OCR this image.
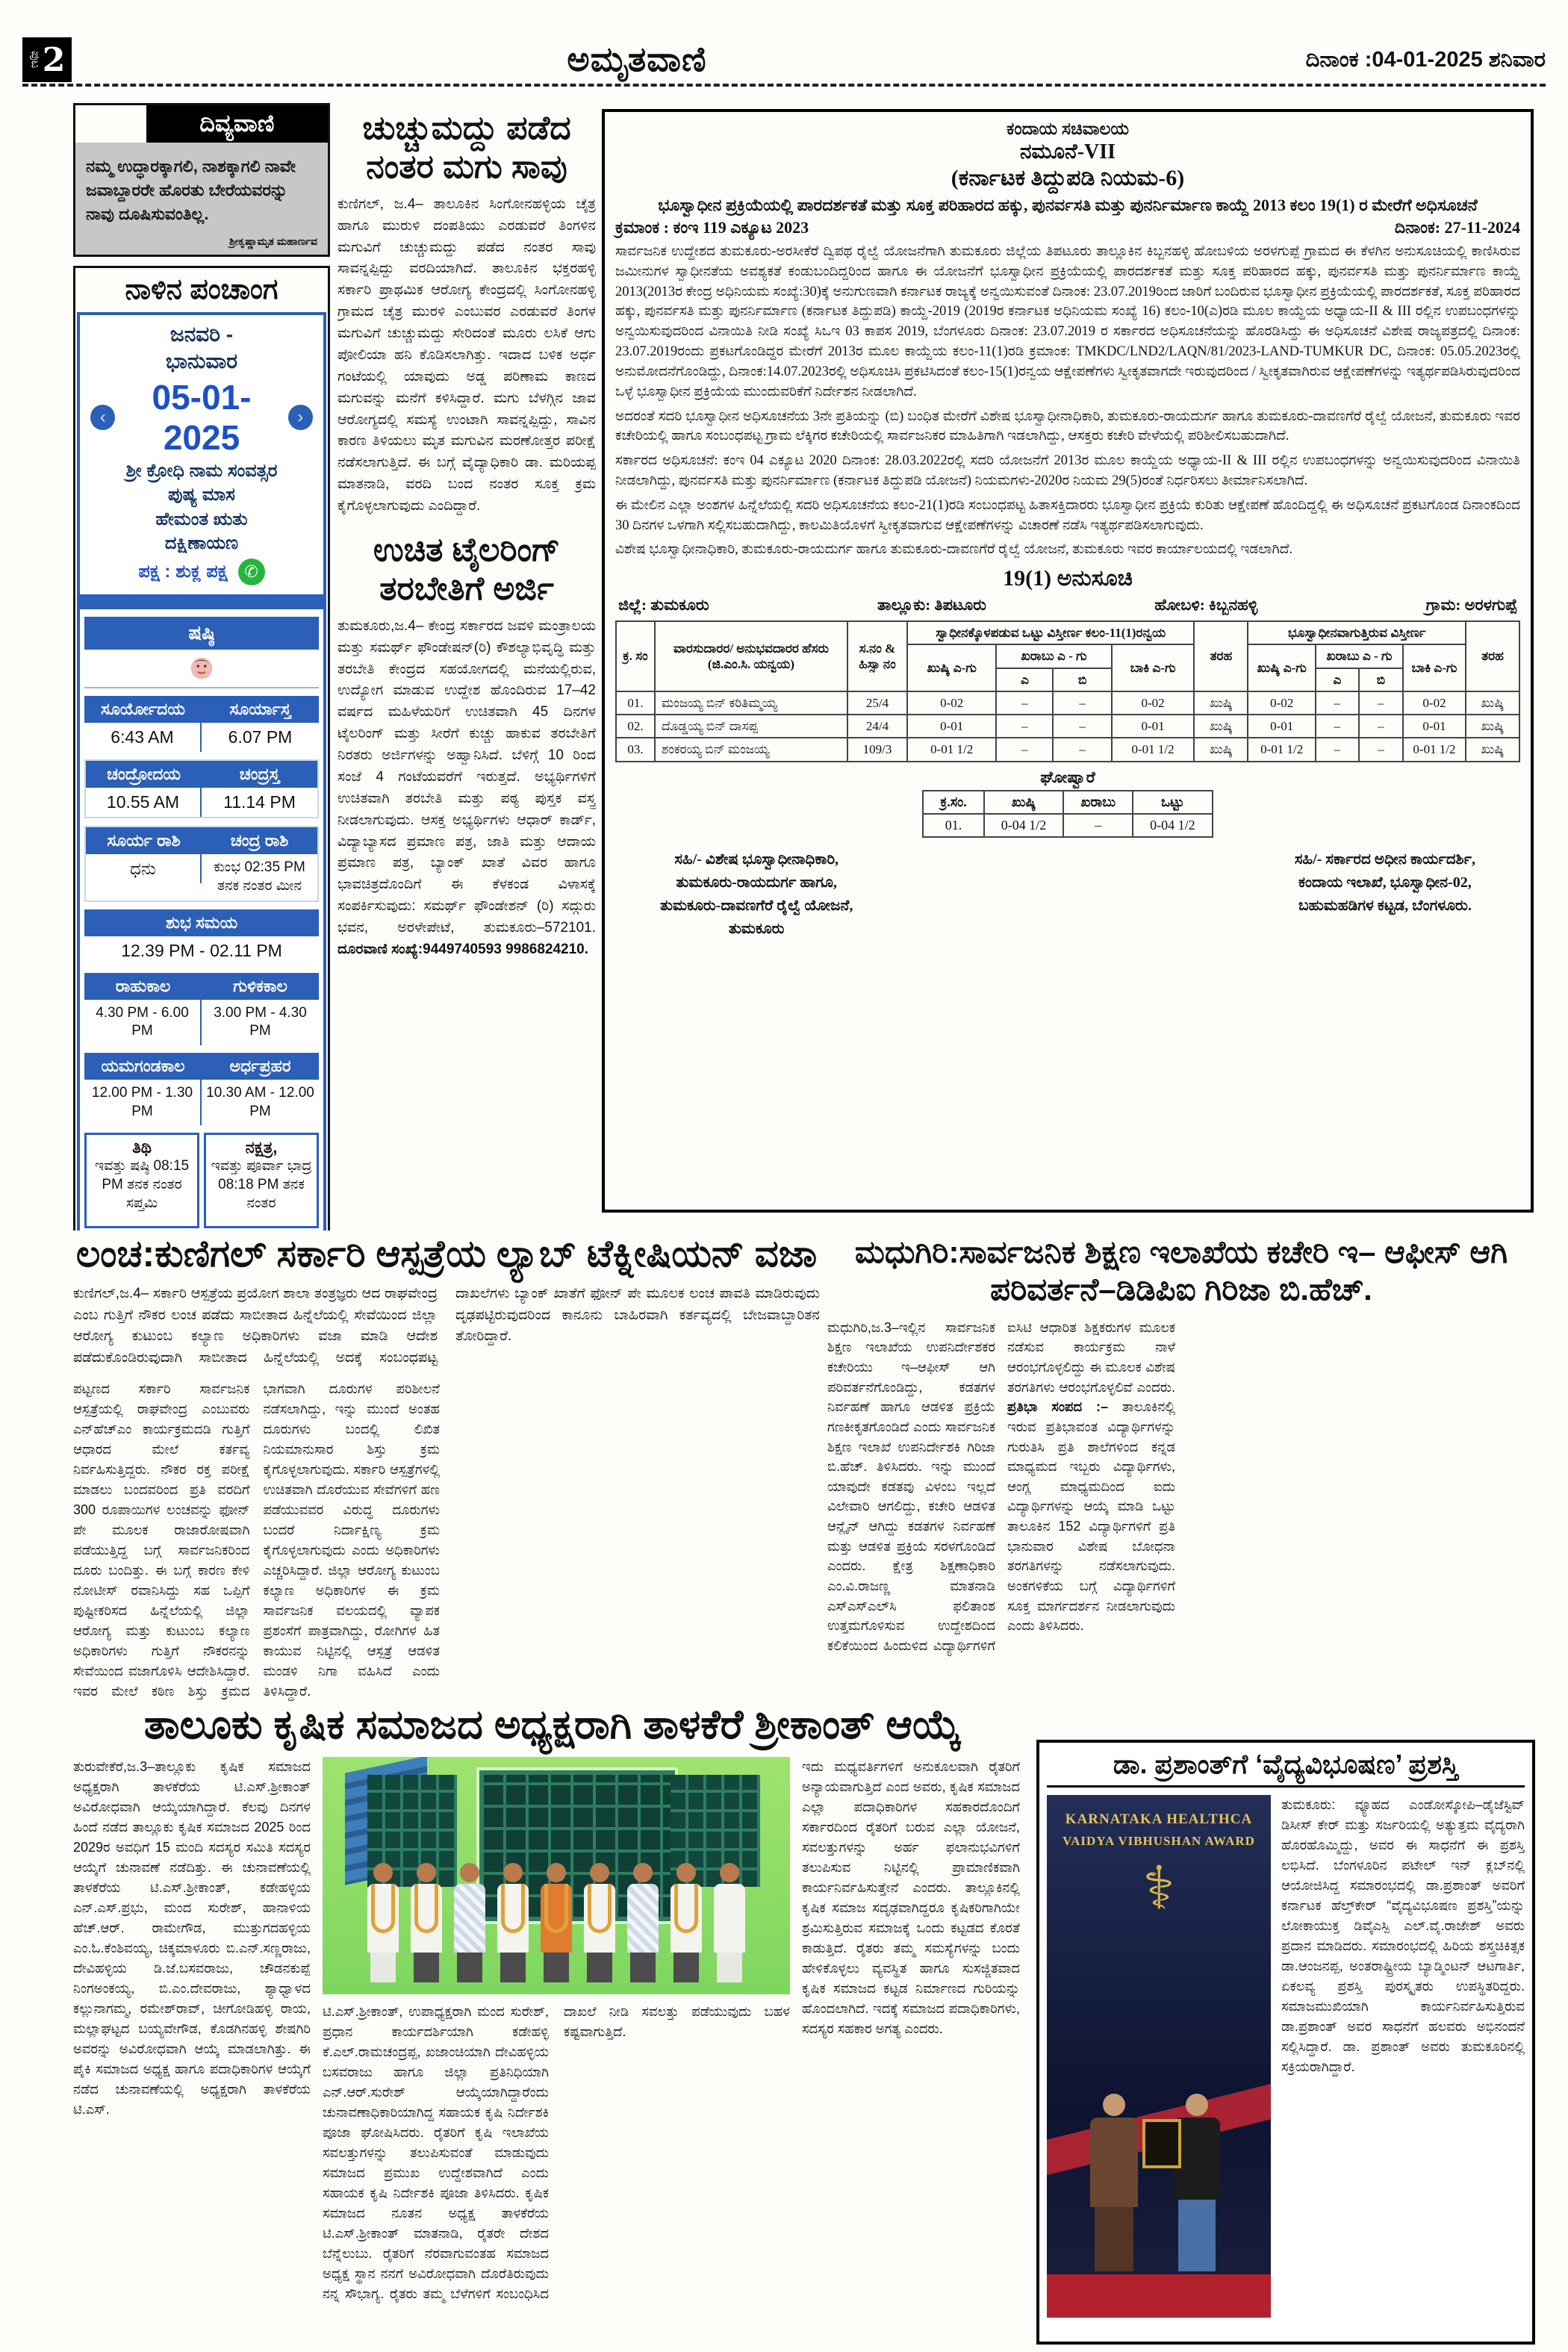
ಪುಟ 2	ಅಮೃತವಾಣಿ	ದಿನಾಂಕ :04-01-2025 ಶನಿವಾರ
ದಿವ್ಯವಾಣಿ
ನಮ್ಮ ಉದ್ಧಾರಕ್ಕಾಗಲಿ, ನಾಶಕ್ಕಾಗಲಿ ನಾವೇ ಜವಾಬ್ದಾರರೇ ಹೊರತು ಬೇರೆಯವರನ್ನು ನಾವು ದೂಷಿಸುವಂತಿಲ್ಲ.
ಶ್ರೀಕೃಷ್ಣಾಮೃತ ಮಹಾರ್ಣವ
ನಾಳಿನ ಪಂಚಾಂಗ
ಜನವರಿ -
ಭಾನುವಾರ
‹
05-01-2025
›
ಶ್ರೀ ಕ್ರೋಧಿ ನಾಮ ಸಂವತ್ಸರ
ಪುಷ್ಯ ಮಾಸ
ಹೇಮಂತ ಋತು
ದಕ್ಷಿಣಾಯಣ
ಪಕ್ಷ : ಶುಕ್ಲ ಪಕ್ಷ	✆
ಷಷ್ಠಿ
ಸೂರ್ಯೋದಯ
6:43 AM
ಸೂರ್ಯಾಸ್ತ
6.07 PM
ಚಂದ್ರೋದಯ
10.55 AM
ಚಂದ್ರಸ್ತ
11.14 PM
ಸೂರ್ಯ ರಾಶಿ
ಧನು
ಚಂದ್ರ ರಾಶಿ
ಕುಂಭ 02:35 PM ತನಕ ನಂತರ ಮೀನ
ಶುಭ ಸಮಯ
12.39 PM - 02.11 PM
ರಾಹುಕಾಲ
4.30 PM - 6.00 PM
ಗುಳಿಕಕಾಲ
3.00 PM - 4.30 PM
ಯಮಗಂಡಕಾಲ
12.00 PM - 1.30 PM
ಅರ್ಧಪ್ರಹರ
10.30 AM - 12.00 PM
ತಿಥಿ
ಇವತ್ತು ಷಷ್ಠಿ 08:15 PM ತನಕ ನಂತರ ಸಪ್ತಮಿ
ನಕ್ಷತ್ರ,
ಇವತ್ತು ಪೂರ್ವಾ ಭಾದ್ರ 08:18 PM ತನಕ ನಂತರ

ಚುಚ್ಚುಮದ್ದು ಪಡೆದ ನಂತರ ಮಗು ಸಾವು
ಕುಣಿಗಲ್, ಜ.4– ತಾಲೂಕಿನ ಸಿಂಗೋನಹಳ್ಳಿಯ ಚೈತ್ರ ಹಾಗೂ ಮುರುಳಿ ದಂಪತಿಯು ಎರಡುವರೆ ತಿಂಗಳಿನ ಮಗುವಿಗೆ ಚುಚ್ಚುಮದ್ದು ಪಡೆದ ನಂತರ ಸಾವು ಸಾವನ್ನಪ್ಪಿದ್ದು ವರದಿಯಾಗಿದೆ. ತಾಲೂಕಿನ ಭಕ್ತರಹಳ್ಳಿ ಸರ್ಕಾರಿ ಪ್ರಾಥಮಿಕ ಆರೋಗ್ಯ ಕೇಂದ್ರದಲ್ಲಿ ಸಿಂಗೋನಹಳ್ಳಿ ಗ್ರಾಮದ ಚೈತ್ರ ಮುರಳಿ ಎಂಬುವರ ಎರಡುವರೆ ತಿಂಗಳ ಮಗುವಿಗೆ ಚುಚ್ಚುಮದ್ದು ಸೇರಿದಂತೆ ಮೂರು ಲಸಿಕೆ ಆಗು ಪೋಲಿಯಾ ಹನಿ ಕೊಡಿಸಲಾಗಿತ್ತು. ಇದಾದ ಬಳಿಕ ಅರ್ಧ ಗಂಟೆಯಲ್ಲಿ ಯಾವುದು ಅಡ್ಡ ಪರಿಣಾಮ ಕಾಣದ ಮಗುವನ್ನು ಮನೆಗೆ ಕಳಿಸಿದ್ದಾರೆ. ಮಗು ಬೆಳಗ್ಗಿನ ಜಾವ ಆರೋಗ್ಯದಲ್ಲಿ ಸಮಸ್ಯೆ ಉಂಟಾಗಿ ಸಾವನ್ನಪ್ಪಿದ್ದು, ಸಾವಿನ ಕಾರಣ ತಿಳಿಯಲು ಮೃತ ಮಗುವಿನ ಮರಣೋತ್ತರ ಪರೀಕ್ಷೆ ನಡೆಸಲಾಗುತ್ತಿದೆ. ಈ ಬಗ್ಗೆ ವೈದ್ಯಾಧಿಕಾರಿ ಡಾ. ಮರಿಯಪ್ಪ ಮಾತನಾಡಿ, ವರದಿ ಬಂದ ನಂತರ ಸೂಕ್ತ ಕ್ರಮ ಕೈಗೊಳ್ಳಲಾಗುವುದು ಎಂದಿದ್ದಾರೆ.
ಉಚಿತ ಟೈಲರಿಂಗ್ ತರಬೇತಿಗೆ ಅರ್ಜಿ
ತುಮಕೂರು,ಜ.4– ಕೇಂದ್ರ ಸರ್ಕಾರದ ಜವಳಿ ಮಂತ್ರಾಲಯ ಮತ್ತು ಸಮರ್ಥ್ ಫೌಂಡೇಷನ್(ರಿ) ಕೌಶಲ್ಯಾಭಿವೃದ್ಧಿ ಮತ್ತು ತರಬೇತಿ ಕೇಂದ್ರದ ಸಹಯೋಗದಲ್ಲಿ ಮನೆಯಲ್ಲಿರುವ, ಉದ್ಯೋಗ ಮಾಡುವ ಉದ್ದೇಶ ಹೊಂದಿರುವ 17–42 ವರ್ಷದ ಮಹಿಳೆಯರಿಗೆ ಉಚಿತವಾಗಿ 45 ದಿನಗಳ ಟೈಲರಿಂಗ್ ಮತ್ತು ಸೀರೆಗೆ ಕುಚ್ಚು ಹಾಕುವ ತರಬೇತಿಗೆ ನಿರತರು ಅರ್ಜಿಗಳನ್ನು ಅಹ್ವಾನಿಸಿದೆ. ಬೆಳಿಗ್ಗೆ 10 ರಿಂದ ಸಂಜೆ 4 ಗಂಟೆಯವರೆಗೆ ಇರುತ್ತದೆ. ಅಭ್ಯರ್ಥಿಗಳಿಗೆ ಉಚಿತವಾಗಿ ತರಬೇತಿ ಮತ್ತು ಪಠ್ಯ ಪುಸ್ತಕ ವಸ್ತ್ರ ನೀಡಲಾಗುವುದು. ಆಸಕ್ತ ಅಭ್ಯರ್ಥಿಗಳು ಆಧಾರ್ ಕಾರ್ಡ್, ವಿದ್ಯಾಬ್ಯಾಸದ ಪ್ರಮಾಣ ಪತ್ರ, ಜಾತಿ ಮತ್ತು ಆದಾಯ ಪ್ರಮಾಣ ಪತ್ರ, ಬ್ಯಾಂಕ್ ಖಾತೆ ವಿವರ ಹಾಗೂ ಭಾವಚಿತ್ರದೊಂದಿಗೆ ಈ ಕೆಳಕಂಡ ವಿಳಾಸಕ್ಕೆ ಸಂಪರ್ಕಿಸುವುದು: ಸಮರ್ಥ್ ಫೌಂಡೇಶನ್ (ರಿ) ಸದ್ಗುರು ಭವನ, ಅರಳೇಪೇಟೆ, ತುಮಕೂರು–572101. ದೂರವಾಣಿ ಸಂಖ್ಯೆ:9449740593 9986824210.
ಕಂದಾಯ ಸಚಿವಾಲಯ
ನಮೂನೆ-VII
(ಕರ್ನಾಟಕ ತಿದ್ದುಪಡಿ ನಿಯಮ-6)
ಭೂಸ್ವಾಧೀನ ಪ್ರಕ್ರಿಯೆಯಲ್ಲಿ ಪಾರದರ್ಶಕತೆ ಮತ್ತು ಸೂಕ್ತ ಪರಿಹಾರದ ಹಕ್ಕು, ಪುನರ್ವಸತಿ ಮತ್ತು ಪುನರ್ನಿರ್ಮಾಣ ಕಾಯ್ದೆ 2013 ಕಲಂ 19(1) ರ ಮೇರೆಗೆ ಅಧಿಸೂಚನೆ
ಕ್ರಮಾಂಕ : ಕಂಇ 119 ಎಕ್ಯೂಟ 2023	ದಿನಾಂಕ: 27-11-2024

ಸಾರ್ವಜನಿಕ ಉದ್ದೇಶದ ತುಮಕೂರು-ಅರಸೀಕೆರೆ ದ್ವಿಪಥ ರೈಲ್ವೆ ಯೋಜನೆಗಾಗಿ ತುಮಕೂರು ಜಿಲ್ಲೆಯ ತಿಪಟೂರು ತಾಲ್ಲೂಕಿನ ಕಿಬ್ಬನಹಳ್ಳಿ ಹೋಬಳಿಯ ಅರಳಗುಪ್ಪೆ ಗ್ರಾಮದ ಈ ಕೆಳಗಿನ ಅನುಸೂಚಿಯಲ್ಲಿ ಕಾಣಿಸಿರುವ ಜಮೀನುಗಳ ಸ್ವಾಧೀನತೆಯ ಅವಶ್ಯಕತೆ ಕಂಡುಬಂದಿದ್ದರಿಂದ ಹಾಗೂ ಈ ಯೋಜನೆಗೆ ಭೂಸ್ವಾಧೀನ ಪ್ರಕ್ರಿಯೆಯಲ್ಲಿ ಪಾರದರ್ಶಕತೆ ಮತ್ತು ಸೂಕ್ತ ಪರಿಹಾರದ ಹಕ್ಕು, ಪುನರ್ವಸತಿ ಮತ್ತು ಪುನರ್ನಿರ್ಮಾಣ ಕಾಯ್ದೆ 2013(2013ರ ಕೇಂದ್ರ ಅಧಿನಿಯಮ ಸಂಖ್ಯೆ:30)ಕ್ಕೆ ಅನುಗುಣವಾಗಿ ಕರ್ನಾಟಕ ರಾಜ್ಯಕ್ಕೆ ಅನ್ವಯಿಸುವಂತೆ ದಿನಾಂಕ: 23.07.2019ರಿಂದ ಜಾರಿಗೆ ಬಂದಿರುವ ಭೂಸ್ವಾಧೀನ ಪ್ರಕ್ರಿಯೆಯಲ್ಲಿ ಪಾರದರ್ಶಕತೆ, ಸೂಕ್ತ ಪರಿಹಾರದ ಹಕ್ಕು, ಪುನರ್ವಸತಿ ಮತ್ತು ಪುನರ್ನಿರ್ಮಾಣ (ಕರ್ನಾಟಕ ತಿದ್ದುಪಡಿ) ಕಾಯ್ದೆ-2019 (2019ರ ಕರ್ನಾಟಕ ಅಧಿನಿಯಮ ಸಂಖ್ಯೆ 16) ಕಲಂ-10(ಎ)ರಡಿ ಮೂಲ ಕಾಯ್ದೆಯ ಅಧ್ಯಾಯ-II & III ರಲ್ಲಿನ ಉಪಬಂಧಗಳನ್ನು ಅನ್ವಯಿಸುವುದರಿಂದ ವಿನಾಯಿತಿ ನೀಡಿ ಸಂಖ್ಯೆ ಸಿಒಇ 03 ಕಾಪಸ 2019, ಬೆಂಗಳೂರು ದಿನಾಂಕ: 23.07.2019 ರ ಸರ್ಕಾರದ ಅಧಿಸೂಚನೆಯನ್ನು ಹೊರಡಿಸಿದ್ದು ಈ ಅಧಿಸೂಚನೆ ವಿಶೇಷ ರಾಜ್ಯಪತ್ರದಲ್ಲಿ ದಿನಾಂಕ: 23.07.2019ರಂದು ಪ್ರಕಟಗೊಂಡಿದ್ದರ ಮೇರೆಗೆ 2013ರ ಮೂಲ ಕಾಯ್ದೆಯ ಕಲಂ-11(1)ರಡಿ ಕ್ರಮಾಂಕ: TMKDC/LND2/LAQN/81/2023-LAND-TUMKUR DC, ದಿನಾಂಕ: 05.05.2023ರಲ್ಲಿ ಅನುಮೋದನೆಗೊಂಡಿದ್ದು, ದಿನಾಂಕ:14.07.2023ರಲ್ಲಿ ಅಧಿಸೂಚಿಸಿ ಪ್ರಕಟಿಸಿದಂತೆ ಕಲಂ-15(1)ರನ್ವಯ ಆಕ್ಷೇಪಣೆಗಳು ಸ್ವೀಕೃತವಾಗದೇ ಇರುವುದರಿಂದ / ಸ್ವೀಕೃತವಾಗಿರುವ ಆಕ್ಷೇಪಣೆಗಳನ್ನು ಇತ್ಯರ್ಥಪಡಿಸಿರುವುದರಿಂದ ಒಳ್ಳೆ ಭೂಸ್ವಾಧೀನ ಪ್ರಕ್ರಿಯೆಯ ಮುಂದುವರಿಕೆಗೆ ನಿರ್ದೇಶನ ನೀಡಲಾಗಿದೆ.

ಅದರಂತೆ ಸದರಿ ಭೂಸ್ವಾಧೀನ ಅಧಿಸೂಚನೆಯ 3ನೇ ಪ್ರತಿಯನ್ನು (ಬಿ) ಬಂಧಿತ ಮೇರೆಗೆ ವಿಶೇಷ ಭೂಸ್ವಾಧೀನಾಧಿಕಾರಿ, ತುಮಕೂರು-ರಾಯದುರ್ಗ ಹಾಗೂ ತುಮಕೂರು-ದಾವಣಗೆರೆ ರೈಲ್ವೆ ಯೋಜನೆ, ತುಮಕೂರು ಇವರ ಕಚೇರಿಯಲ್ಲಿ ಹಾಗೂ ಸಂಬಂಧಪಟ್ಟ ಗ್ರಾಮ ಲೆಕ್ಕಿಗರ ಕಚೇರಿಯಲ್ಲಿ ಸಾರ್ವಜನಿಕರ ಮಾಹಿತಿಗಾಗಿ ಇಡಲಾಗಿದ್ದು, ಆಸಕ್ತರು ಕಚೇರಿ ವೇಳೆಯಲ್ಲಿ ಪರಿಶೀಲಿಸಬಹುದಾಗಿದೆ.

ಸರ್ಕಾರದ ಅಧಿಸೂಚನೆ: ಕಂಇ 04 ಎಕ್ಯೂಟ 2020 ದಿನಾಂಕ: 28.03.2022ರಲ್ಲಿ ಸದರಿ ಯೋಜನೆಗೆ 2013ರ ಮೂಲ ಕಾಯ್ದೆಯ ಅಧ್ಯಾಯ-II & III ರಲ್ಲಿನ ಉಪಬಂಧಗಳನ್ನು ಅನ್ವಯಿಸುವುದರಿಂದ ವಿನಾಯಿತಿ ನೀಡಲಾಗಿದ್ದು, ಪುನರ್ವಸತಿ ಮತ್ತು ಪುನರ್ನಿರ್ಮಾಣ (ಕರ್ನಾಟಕ ತಿದ್ದುಪಡಿ ಯೋಜನೆ) ನಿಯಮಗಳು-2020ರ ನಿಯಮ 29(5)ರಂತೆ ನಿರ್ಧರಿಸಲು ತೀರ್ಮಾನಿಸಲಾಗಿದೆ.

ಈ ಮೇಲಿನ ಎಲ್ಲಾ ಅಂಶಗಳ ಹಿನ್ನೆಲೆಯಲ್ಲಿ ಸದರಿ ಅಧಿಸೂಚನೆಯ ಕಲಂ-21(1)ರಡಿ ಸಂಬಂಧಪಟ್ಟ ಹಿತಾಸಕ್ತಿದಾರರು ಭೂಸ್ವಾಧೀನ ಪ್ರಕ್ರಿಯೆ ಕುರಿತು ಆಕ್ಷೇಪಣೆ ಹೊಂದಿದ್ದಲ್ಲಿ ಈ ಅಧಿಸೂಚನೆ ಪ್ರಕಟಗೊಂಡ ದಿನಾಂಕದಿಂದ 30 ದಿನಗಳ ಒಳಗಾಗಿ ಸಲ್ಲಿಸಬಹುದಾಗಿದ್ದು, ಕಾಲಮಿತಿಯೊಳಗೆ ಸ್ವೀಕೃತವಾಗುವ ಆಕ್ಷೇಪಣೆಗಳನ್ನು ವಿಚಾರಣೆ ನಡೆಸಿ ಇತ್ಯರ್ಥಪಡಿಸಲಾಗುವುದು.

ವಿಶೇಷ ಭೂಸ್ವಾಧೀನಾಧಿಕಾರಿ, ತುಮಕೂರು-ರಾಯದುರ್ಗ ಹಾಗೂ ತುಮಕೂರು-ದಾವಣಗೆರೆ ರೈಲ್ವೆ ಯೋಜನೆ, ತುಮಕೂರು ಇವರ ಕಾರ್ಯಾಲಯದಲ್ಲಿ ಇಡಲಾಗಿದೆ.

19(1) ಅನುಸೂಚಿ
ಜಿಲ್ಲೆ: ತುಮಕೂರು	ತಾಲ್ಲೂಕು: ತಿಪಟೂರು	ಹೋಬಳಿ: ಕಿಬ್ಬನಹಳ್ಳಿ	ಗ್ರಾಮ: ಅರಳಗುಪ್ಪೆ
ಕ್ರ. ಸಂ	ವಾರಸುದಾರರ/ ಅನುಭವದಾರರ ಹೆಸರು (ಜಿ.ಎಂ.ಸಿ. ಯನ್ವಯ)	ಸ.ನಂ & ಹಿಸ್ಸಾ ನಂ	ಸ್ವಾಧೀನಕ್ಕೊಳಪಡುವ ಒಟ್ಟು ವಿಸ್ತೀರ್ಣ ಕಲಂ-11(1)ರನ್ವಯ				ತರಹ	ಭೂಸ್ವಾಧೀನವಾಗುತ್ತಿರುವ ವಿಸ್ತೀರ್ಣ				ತರಹ
			ಖುಷ್ಕಿ ಎ-ಗು	ಖರಾಬು ಎ - ಗು		ಬಾಕಿ ಎ-ಗು		ಖುಷ್ಕಿ ಎ-ಗು	ಖರಾಬು ಎ - ಗು		ಬಾಕಿ ಎ-ಗು	
				ಎ	ಬಿ				ಎ	ಬಿ		
01.	ಮಂಜಯ್ಯ ಬಿನ್ ಕರಿತಿಮ್ಮಯ್ಯ	25/4	0-02	–	–	0-02	ಖುಷ್ಕಿ	0-02	–	–	0-02	ಖುಷ್ಕಿ
02.	ದೊಡ್ಡಯ್ಯ ಬಿನ್ ದಾಸಪ್ಪ	24/4	0-01	–	–	0-01	ಖುಷ್ಕಿ	0-01	–	–	0-01	ಖುಷ್ಕಿ
03.	ಶಂಕರಯ್ಯ ಬಿನ್ ಮಂಜಯ್ಯ	109/3	0-01 1/2	–	–	0-01 1/2	ಖುಷ್ಕಿ	0-01 1/2	–	–	0-01 1/2	ಖುಷ್ಕಿ
ಘೋಷ್ವಾರೆ
ಕ್ರ.ಸಂ.	ಖುಷ್ಕಿ	ಖರಾಬು	ಒಟ್ಟು
01.	0-04 1/2	–	0-04 1/2
ಸಹಿ/- ವಿಶೇಷ ಭೂಸ್ವಾಧೀನಾಧಿಕಾರಿ,
ತುಮಕೂರು-ರಾಯದುರ್ಗ ಹಾಗೂ,
ತುಮಕೂರು-ದಾವಣಗೆರೆ ರೈಲ್ವೆ ಯೋಜನೆ,
ತುಮಕೂರು
ಸಹಿ/- ಸರ್ಕಾರದ ಅಧೀನ ಕಾರ್ಯದರ್ಶಿ,
ಕಂದಾಯ ಇಲಾಖೆ, ಭೂಸ್ವಾಧೀನ-02,
ಬಹುಮಹಡಿಗಳ ಕಟ್ಟಡ, ಬೆಂಗಳೂರು.
ಲಂಚ:ಕುಣಿಗಲ್ ಸರ್ಕಾರಿ ಆಸ್ಪತ್ರೆಯ ಲ್ಯಾಬ್ ಟೆಕ್ನೀಷಿಯನ್ ವಜಾ
ಕುಣಿಗಲ್,ಜ.4– ಸರ್ಕಾರಿ ಆಸ್ಪತ್ರೆಯ ಪ್ರಯೋಗ ಶಾಲಾ ತಂತ್ರಜ್ಞರು ಆದ ರಾಘವೇಂದ್ರ ಎಂಬ ಗುತ್ತಿಗೆ ನೌಕರ ಲಂಚ ಪಡೆದು ಸಾಬೀತಾದ ಹಿನ್ನೆಲೆಯಲ್ಲಿ ಸೇವೆಯಿಂದ ಜಿಲ್ಲಾ ಆರೋಗ್ಯ ಕುಟುಂಬ ಕಲ್ಯಾಣ ಅಧಿಕಾರಿಗಳು ವಜಾ ಮಾಡಿ ಆದೇಶ ಪಡೆದುಕೊಂಡಿರುವುದಾಗಿ ಸಾಬೀತಾದ ಹಿನ್ನೆಲೆಯಲ್ಲಿ ಅದಕ್ಕೆ ಸಂಬಂಧಪಟ್ಟ ದಾಖಲೆಗಳು ಬ್ಯಾಂಕ್ ಖಾತೆಗೆ ಫೋನ್ ಪೇ ಮೂಲಕ ಲಂಚ ಪಾವತಿ ಮಾಡಿರುವುದು ದೃಢಪಟ್ಟಿರುವುದರಿಂದ ಕಾನೂನು ಬಾಹಿರವಾಗಿ ಕರ್ತವ್ಯದಲ್ಲಿ ಬೇಜವಾಬ್ದಾರಿತನ ತೋರಿದ್ದಾರೆ.
ಪಟ್ಟಣದ ಸರ್ಕಾರಿ ಸಾರ್ವಜನಿಕ ಆಸ್ಪತ್ರೆಯಲ್ಲಿ ರಾಘವೇಂದ್ರ ಎಂಬುವರು ಎನ್‌ಹೆಚ್‌ಎಂ ಕಾರ್ಯಕ್ರಮದಡಿ ಗುತ್ತಿಗೆ ಆಧಾರದ ಮೇಲೆ ಕರ್ತವ್ಯ ನಿರ್ವಹಿಸುತ್ತಿದ್ದರು. ನೌಕರ ರಕ್ತ ಪರೀಕ್ಷೆ ಮಾಡಲು ಬಂದವರಿಂದ ಪ್ರತಿ ವರದಿಗೆ 300 ರೂಪಾಯಿಗಳ ಲಂಚವನ್ನು ಫೋನ್ ಪೇ ಮೂಲಕ ರಾಜಾರೋಷವಾಗಿ ಪಡೆಯುತ್ತಿದ್ದ ಬಗ್ಗೆ ಸಾರ್ವಜನಿಕರಿಂದ ದೂರು ಬಂದಿತ್ತು. ಈ ಬಗ್ಗೆ ಕಾರಣ ಕೇಳಿ ನೋಟೀಸ್ ರವಾನಿಸಿದ್ದು ಸಹ ಒಪ್ಪಿಗೆ ಪುಷ್ಟೀಕರಿಸದ ಹಿನ್ನೆಲೆಯಲ್ಲಿ ಜಿಲ್ಲಾ ಆರೋಗ್ಯ ಮತ್ತು ಕುಟುಂಬ ಕಲ್ಯಾಣ ಅಧಿಕಾರಿಗಳು ಗುತ್ತಿಗೆ ನೌಕರನನ್ನು ಸೇವೆಯಿಂದ ವಜಾಗೊಳಿಸಿ ಆದೇಶಿಸಿದ್ದಾರೆ. ಇವರ ಮೇಲೆ ಕಠಿಣ ಶಿಸ್ತು ಕ್ರಮದ ಭಾಗವಾಗಿ ದೂರುಗಳ ಪರಿಶೀಲನೆ ನಡೆಸಲಾಗಿದ್ದು, ಇನ್ನು ಮುಂದೆ ಅಂತಹ ದೂರುಗಳು ಬಂದಲ್ಲಿ ಲಿಖಿತ ನಿಯಮಾನುಸಾರ ಶಿಸ್ತು ಕ್ರಮ ಕೈಗೊಳ್ಳಲಾಗುವುದು. ಸರ್ಕಾರಿ ಆಸ್ಪತ್ರೆಗಳಲ್ಲಿ ಉಚಿತವಾಗಿ ದೊರೆಯುವ ಸೇವೆಗಳಿಗೆ ಹಣ ಪಡೆಯುವವರ ವಿರುದ್ಧ ದೂರುಗಳು ಬಂದರೆ ನಿರ್ದಾಕ್ಷಿಣ್ಯ ಕ್ರಮ ಕೈಗೊಳ್ಳಲಾಗುವುದು ಎಂದು ಅಧಿಕಾರಿಗಳು ಎಚ್ಚರಿಸಿದ್ದಾರೆ. ಜಿಲ್ಲಾ ಆರೋಗ್ಯ ಕುಟುಂಬ ಕಲ್ಯಾಣ ಅಧಿಕಾರಿಗಳ ಈ ಕ್ರಮ ಸಾರ್ವಜನಿಕ ವಲಯದಲ್ಲಿ ವ್ಯಾಪಕ ಪ್ರಶಂಸೆಗೆ ಪಾತ್ರವಾಗಿದ್ದು, ರೋಗಿಗಳ ಹಿತ ಕಾಯುವ ನಿಟ್ಟಿನಲ್ಲಿ ಆಸ್ಪತ್ರೆ ಆಡಳಿತ ಮಂಡಳಿ ನಿಗಾ ವಹಿಸಿದೆ ಎಂದು ತಿಳಿಸಿದ್ದಾರೆ.
ಮಧುಗಿರಿ:ಸಾರ್ವಜನಿಕ ಶಿಕ್ಷಣ ಇಲಾಖೆಯ ಕಚೇರಿ ಇ– ಆಫೀಸ್ ಆಗಿ ಪರಿವರ್ತನೆ–ಡಿಡಿಪಿಐ ಗಿರಿಜಾ ಬಿ.ಹೆಚ್.
ಮಧುಗಿರಿ,ಜ.3–ಇಲ್ಲಿನ ಸಾರ್ವಜನಿಕ ಶಿಕ್ಷಣ ಇಲಾಖೆಯ ಉಪನಿರ್ದೇಶಕರ ಕಚೇರಿಯು ಇ–ಆಫೀಸ್ ಆಗಿ ಪರಿವರ್ತನೆಗೊಂಡಿದ್ದು, ಕಡತಗಳ ನಿರ್ವಹಣೆ ಹಾಗೂ ಆಡಳಿತ ಪ್ರಕ್ರಿಯೆ ಗಣಕೀಕೃತಗೊಂಡಿದೆ ಎಂದು ಸಾರ್ವಜನಿಕ ಶಿಕ್ಷಣ ಇಲಾಖೆ ಉಪನಿರ್ದೇಶಕಿ ಗಿರಿಜಾ ಬಿ.ಹೆಚ್. ತಿಳಿಸಿದರು. ಇನ್ನು ಮುಂದೆ ಯಾವುದೇ ಕಡತವು ವಿಳಂಬ ಇಲ್ಲದೆ ವಿಲೇವಾರಿ ಆಗಲಿದ್ದು, ಕಚೇರಿ ಆಡಳಿತ ಆನ್ಲೈನ್ ಆಗಿದ್ದು ಕಡತಗಳ ನಿರ್ವಹಣೆ ಮತ್ತು ಆಡಳಿತ ಪ್ರಕ್ರಿಯೆ ಸರಳಗೊಂಡಿದೆ ಎಂದರು. ಕ್ಷೇತ್ರ ಶಿಕ್ಷಣಾಧಿಕಾರಿ ಎಂ.ವಿ.ರಾಜಣ್ಣ ಮಾತನಾಡಿ ಎಸ್‌ಎಸ್‌ಎಲ್‌ಸಿ ಫಲಿತಾಂಶ ಉತ್ತಮಗೊಳಿಸುವ ಉದ್ದೇಶದಿಂದ ಕಲಿಕೆಯಿಂದ ಹಿಂದುಳಿದ ವಿದ್ಯಾರ್ಥಿಗಳಿಗೆ ಐಸಿಟಿ ಆಧಾರಿತ ಶಿಕ್ಷಕರುಗಳ ಮೂಲಕ ನಡೆಸುವ ಕಾರ್ಯಕ್ರಮ ನಾಳೆ ಆರಂಭಗೊಳ್ಳಲಿದ್ದು ಈ ಮೂಲಕ ವಿಶೇಷ ತರಗತಿಗಳು ಆರಂಭಗೊಳ್ಳಲಿವೆ ಎಂದರು. ಪ್ರತಿಭಾ ಸಂಪದ :– ತಾಲೂಕಿನಲ್ಲಿ ಇರುವ ಪ್ರತಿಭಾವಂತ ವಿದ್ಯಾರ್ಥಿಗಳನ್ನು ಗುರುತಿಸಿ ಪ್ರತಿ ಶಾಲೆಗಳಿಂದ ಕನ್ನಡ ಮಾಧ್ಯಮದ ಇಬ್ಬರು ವಿದ್ಯಾರ್ಥಿಗಳು, ಆಂಗ್ಲ ಮಾಧ್ಯಮದಿಂದ ಐದು ವಿದ್ಯಾರ್ಥಿಗಳನ್ನು ಆಯ್ಕೆ ಮಾಡಿ ಒಟ್ಟು ತಾಲೂಕಿನ 152 ವಿದ್ಯಾರ್ಥಿಗಳಿಗೆ ಪ್ರತಿ ಭಾನುವಾರ ವಿಶೇಷ ಬೋಧನಾ ತರಗತಿಗಳನ್ನು ನಡೆಸಲಾಗುವುದು. ಅಂಕಗಳಿಕೆಯ ಬಗ್ಗೆ ವಿದ್ಯಾರ್ಥಿಗಳಿಗೆ ಸೂಕ್ತ ಮಾರ್ಗದರ್ಶನ ನೀಡಲಾಗುವುದು ಎಂದು ತಿಳಿಸಿದರು.
ತಾಲೂಕು ಕೃಷಿಕ ಸಮಾಜದ ಅಧ್ಯಕ್ಷರಾಗಿ ತಾಳಕೆರೆ ಶ್ರೀಕಾಂತ್ ಆಯ್ಕೆ
ತುರುವೇಕೆರೆ,ಜ.3–ತಾಲ್ಲೂಕು ಕೃಷಿಕ ಸಮಾಜದ ಅಧ್ಯಕ್ಷರಾಗಿ ತಾಳಕೆರೆಯ ಟಿ.ಎಸ್.ಶ್ರೀಕಾಂತ್ ಅವಿರೋಧವಾಗಿ ಆಯ್ಕೆಯಾಗಿದ್ದಾರೆ. ಕೆಲವು ದಿನಗಳ ಹಿಂದೆ ನಡೆದ ತಾಲ್ಲೂಕು ಕೃಷಿಕ ಸಮಾಜದ 2025 ರಿಂದ 2029ರ ಅವಧಿಗೆ 15 ಮಂದಿ ಸದಸ್ಯರ ಸಮಿತಿ ಸದಸ್ಯರ ಆಯ್ಕೆಗೆ ಚುನಾವಣೆ ನಡೆದಿತ್ತು. ಈ ಚುನಾವಣೆಯಲ್ಲಿ ತಾಳಕೆರೆಯ ಟಿ.ಎಸ್.ಶ್ರೀಕಾಂತ್, ಕಡೇಹಳ್ಳಿಯ ಎನ್.ಎಸ್.ಪ್ರಭು, ಮಂದ ಸುರೇಶ್, ಹಾನಾಳಿಯ ಹೆಚ್.ಆರ್. ರಾಮೇಗೌಡ, ಮುತ್ತುಗದಹಳ್ಳಿಯ ಎಂ.ಓ.ಕೆಂಶಿವಯ್ಯ, ಚಿಕ್ಕಮಾಳೂರು ಬಿ.ಎನ್.ಸಣ್ಣರಾಜು, ದೇವಿಹಳ್ಳಿಯ ಡಿ.ಜೆ.ಬಸವರಾಜು, ಚೌಡನಕುಪ್ಪೆ ನಿಂಗಅಂಕಯ್ಯ, ಬಿ.ಎಂ.ದೇವರಾಜು, ಶ್ಯಾಧ್ವಾಳದ ಕಲ್ಲುನಾಗಮ್ಮ, ರಮೇಶ್‌ರಾವ್, ಚೀಗೋಡಿಹಳ್ಳಿ ರಾಯ, ಮಲ್ಲಾಘಟ್ಟದ ಬಯ್ಯವೇಗೌಡ, ಕೊಡಗಿನಹಳ್ಳಿ ಶೇಷಗಿರಿ ಅವರನ್ನು ಅವಿರೋಧವಾಗಿ ಆಯ್ಕೆ ಮಾಡಲಾಗಿತ್ತು. ಈ ಪೈಕಿ ಸಮಾಜದ ಅಧ್ಯಕ್ಷ ಹಾಗೂ ಪದಾಧಿಕಾರಿಗಳ ಆಯ್ಕೆಗೆ ನಡೆದ ಚುನಾವಣೆಯಲ್ಲಿ ಅಧ್ಯಕ್ಷರಾಗಿ ತಾಳಕೆರೆಯ ಟಿ.ಎಸ್.
ಟಿ.ಎಸ್.ಶ್ರೀಕಾಂತ್, ಉಪಾಧ್ಯಕ್ಷರಾಗಿ ಮಂದ ಸುರೇಶ್, ಪ್ರಧಾನ ಕಾರ್ಯದರ್ಶಿಯಾಗಿ ಕಡೇಹಳ್ಳಿ ಕೆ.ಎಲ್.ರಾಮಚಂದ್ರಪ್ಪ, ಖಜಾಂಚಿಯಾಗಿ ದೇವಿಹಳ್ಳಿಯ ಬಸವರಾಜು ಹಾಗೂ ಜಿಲ್ಲಾ ಪ್ರತಿನಿಧಿಯಾಗಿ ಎನ್.ಆರ್.ಸುರೇಶ್ ಆಯ್ಕೆಯಾಗಿದ್ದಾರೆಂದು ಚುನಾವಣಾಧಿಕಾರಿಯಾಗಿದ್ದ ಸಹಾಯಕ ಕೃಷಿ ನಿರ್ದೇಶಕಿ ಪೂಜಾ ಘೋಷಿಸಿದರು. ರೈತರಿಗೆ ಕೃಷಿ ಇಲಾಖೆಯ ಸವಲತ್ತುಗಳನ್ನು ತಲುಪಿಸುವಂತೆ ಮಾಡುವುದು ಸಮಾಜದ ಪ್ರಮುಖ ಉದ್ದೇಶವಾಗಿದೆ ಎಂದು ಸಹಾಯಕ ಕೃಷಿ ನಿರ್ದೇಶಕಿ ಪೂಜಾ ತಿಳಿಸಿದರು. ಕೃಷಿಕ ಸಮಾಜದ ನೂತನ ಅಧ್ಯಕ್ಷ ತಾಳಕೆರೆಯ ಟಿ.ಎಸ್.ಶ್ರೀಕಾಂತ್ ಮಾತನಾಡಿ, ರೈತರೇ ದೇಶದ ಬೆನ್ನೆಲುಬು. ರೈತರಿಗೆ ನೆರವಾಗುವಂತಹ ಸಮಾಜದ ಅಧ್ಯಕ್ಷ ಸ್ಥಾನ ನನಗೆ ಅವಿರೋಧವಾಗಿ ದೊರೆತಿರುವುದು ನನ್ನ ಸೌಭಾಗ್ಯ. ರೈತರು ತಮ್ಮ ಬೆಳೆಗಳಿಗೆ ಸಂಬಂಧಿಸಿದ ದಾಖಲೆ ನೀಡಿ ಸವಲತ್ತು ಪಡೆಯುವುದು ಬಹಳ ಕಷ್ಟವಾಗುತ್ತಿದೆ.
ಇದು ಮಧ್ಯವರ್ತಿಗಳಿಗೆ ಅನುಕೂಲವಾಗಿ ರೈತರಿಗೆ ಅನ್ಯಾಯವಾಗುತ್ತಿದೆ ಎಂದ ಅವರು, ಕೃಷಿಕ ಸಮಾಜದ ಎಲ್ಲಾ ಪದಾಧಿಕಾರಿಗಳ ಸಹಕಾರದೊಂದಿಗೆ ಸರ್ಕಾರದಿಂದ ರೈತರಿಗೆ ಬರುವ ಎಲ್ಲಾ ಯೋಜನೆ, ಸವಲತ್ತುಗಳನ್ನು ಅರ್ಹ ಫಲಾನುಭವಿಗಳಿಗೆ ತಲುಪಿಸುವ ನಿಟ್ಟಿನಲ್ಲಿ ಪ್ರಾಮಾಣಿಕವಾಗಿ ಕಾರ್ಯನಿರ್ವಹಿಸುತ್ತೇನೆ ಎಂದರು. ತಾಲ್ಲೂಕಿನಲ್ಲಿ ಕೃಷಿಕ ಸಮಾಜ ಸದೃಢವಾಗಿದ್ದರೂ ಕೃಷಿಕರಿಗಾಗಿಯೇ ಶ್ರಮಿಸುತ್ತಿರುವ ಸಮಾಜಕ್ಕೆ ಒಂದು ಕಟ್ಟಡದ ಕೊರತೆ ಕಾಡುತ್ತಿದೆ. ರೈತರು ತಮ್ಮ ಸಮಸ್ಯೆಗಳನ್ನು ಬಂದು ಹೇಳಿಕೊಳ್ಳಲು ವ್ಯವಸ್ಥಿತ ಹಾಗೂ ಸುಸಜ್ಜಿತವಾದ ಕೃಷಿಕ ಸಮಾಜದ ಕಟ್ಟಡ ನಿರ್ಮಾಣದ ಗುರಿಯನ್ನು ಹೊಂದಲಾಗಿದೆ. ಇದಕ್ಕೆ ಸಮಾಜದ ಪದಾಧಿಕಾರಿಗಳು, ಸದಸ್ಯರ ಸಹಕಾರ ಅಗತ್ಯ ಎಂದರು.
ಡಾ. ಪ್ರಶಾಂತ್‌ಗೆ ‘ವೈದ್ಯವಿಭೂಷಣ’ ಪ್ರಶಸ್ತಿ
KARNATAKA HEALTHCA
VAIDYA VIBHUSHAN AWARD
⚕
ತುಮಕೂರು: ವ್ಯೂಹದ ಎಂಡೋಸ್ಕೋಪಿ–ಡೈಜೆಸ್ಟಿವ್ ಡಿಸೀಸ್ ಕೇರ್ ಮತ್ತು ಸರ್ಜರಿಯಲ್ಲಿ ಅತ್ಯುತ್ತಮ ವೈದ್ಯರಾಗಿ ಹೊರಹೊಮ್ಮಿದ್ದು, ಅವರ ಈ ಸಾಧನೆಗೆ ಈ ಪ್ರಶಸ್ತಿ ಲಭಿಸಿದೆ. ಬೆಂಗಳೂರಿನ ಪಟೇಲ್ ಇನ್ ಕ್ಲಬ್‌ನಲ್ಲಿ ಆಯೋಜಿಸಿದ್ದ ಸಮಾರಂಭದಲ್ಲಿ ಡಾ.ಪ್ರಶಾಂತ್ ಅವರಿಗೆ ಕರ್ನಾಟಕ ಹೆಲ್ತ್‌ಕೇರ್ “ವೈದ್ಯವಿಭೂಷಣ ಪ್ರಶಸ್ತಿ”ಯನ್ನು ಲೋಕಾಯುಕ್ತ ಡಿವೈಎಸ್ಪಿ ಎಲ್.ವೈ.ರಾಜೇಶ್ ಅವರು ಪ್ರದಾನ ಮಾಡಿದರು. ಸಮಾರಂಭದಲ್ಲಿ ಹಿರಿಯ ಶಸ್ತ್ರಚಿಕಿತ್ಸಕ ಡಾ.ಆಂಜನಪ್ಪ, ಅಂತರಾಷ್ಟ್ರೀಯ ಬ್ಯಾಡ್ಮಿಂಟನ್ ಆಟಗಾರ್ತಿ, ಏಕಲವ್ಯ ಪ್ರಶಸ್ತಿ ಪುರಸ್ಕೃತರು ಉಪಸ್ಥಿತರಿದ್ದರು. ಸಮಾಜಮುಖಿಯಾಗಿ ಕಾರ್ಯನಿರ್ವಹಿಸುತ್ತಿರುವ ಡಾ.ಪ್ರಶಾಂತ್ ಅವರ ಸಾಧನೆಗೆ ಹಲವರು ಅಭಿನಂದನೆ ಸಲ್ಲಿಸಿದ್ದಾರೆ. ಡಾ. ಪ್ರಶಾಂತ್ ಅವರು ತುಮಕೂರಿನಲ್ಲಿ ಸಕ್ರಿಯರಾಗಿದ್ದಾರೆ.
